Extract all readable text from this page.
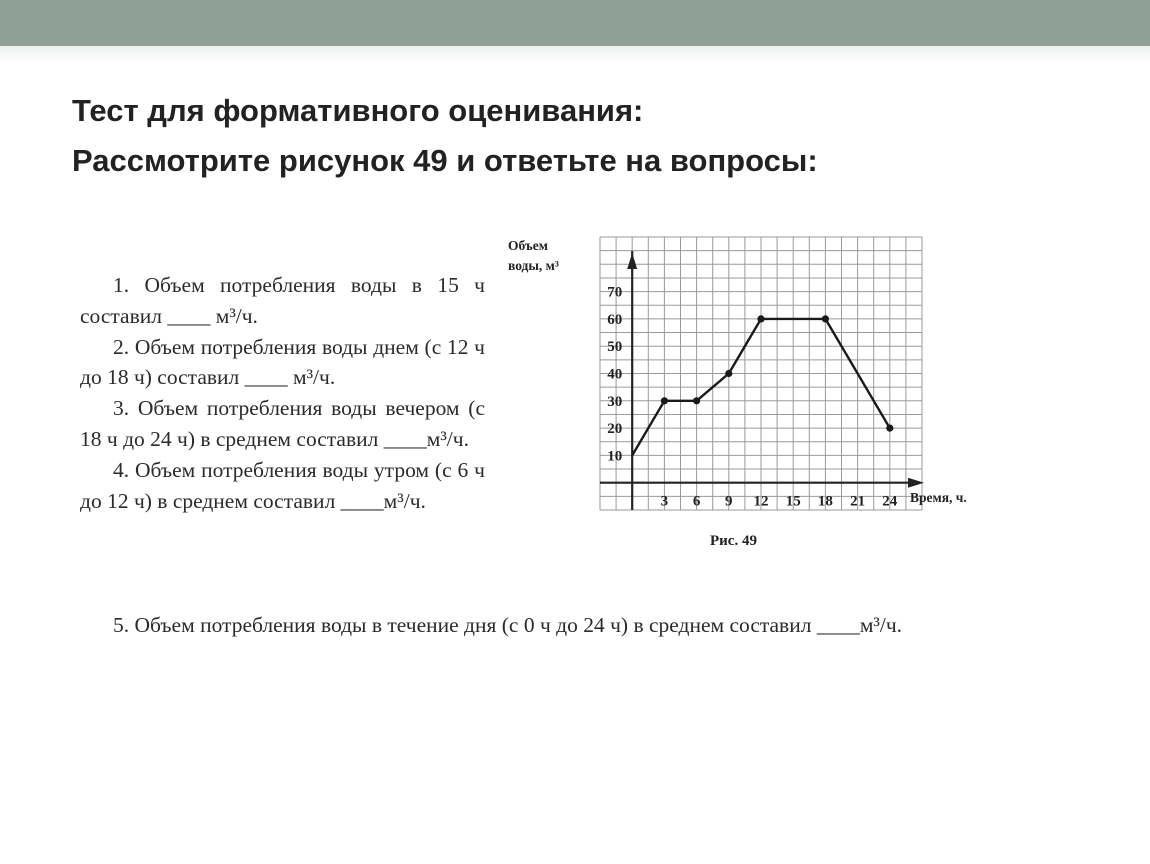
Тест для формативного оценивания:
Рассмотрите рисунок 49 и ответьте на вопросы:
1. Объем потребления воды в 15 ч составил ____ м³/ч.
2. Объем потребления воды днем (с 12 ч до 18 ч) составил ____ м³/ч.
3. Объем потребления воды вечером (с 18 ч до 24 ч) в среднем составил ____м³/ч.
4. Объем потребления воды утром (с 6 ч до 12 ч) в среднем составил ____м³/ч.
5. Объем потребления воды в течение дня (с 0 ч до 24 ч) в среднем составил ____м³/ч.
3 6 9 12 15 18 21 24
10
20
30
40
50
60
70
Объем
воды, м³
Время, ч.
Рис. 49
